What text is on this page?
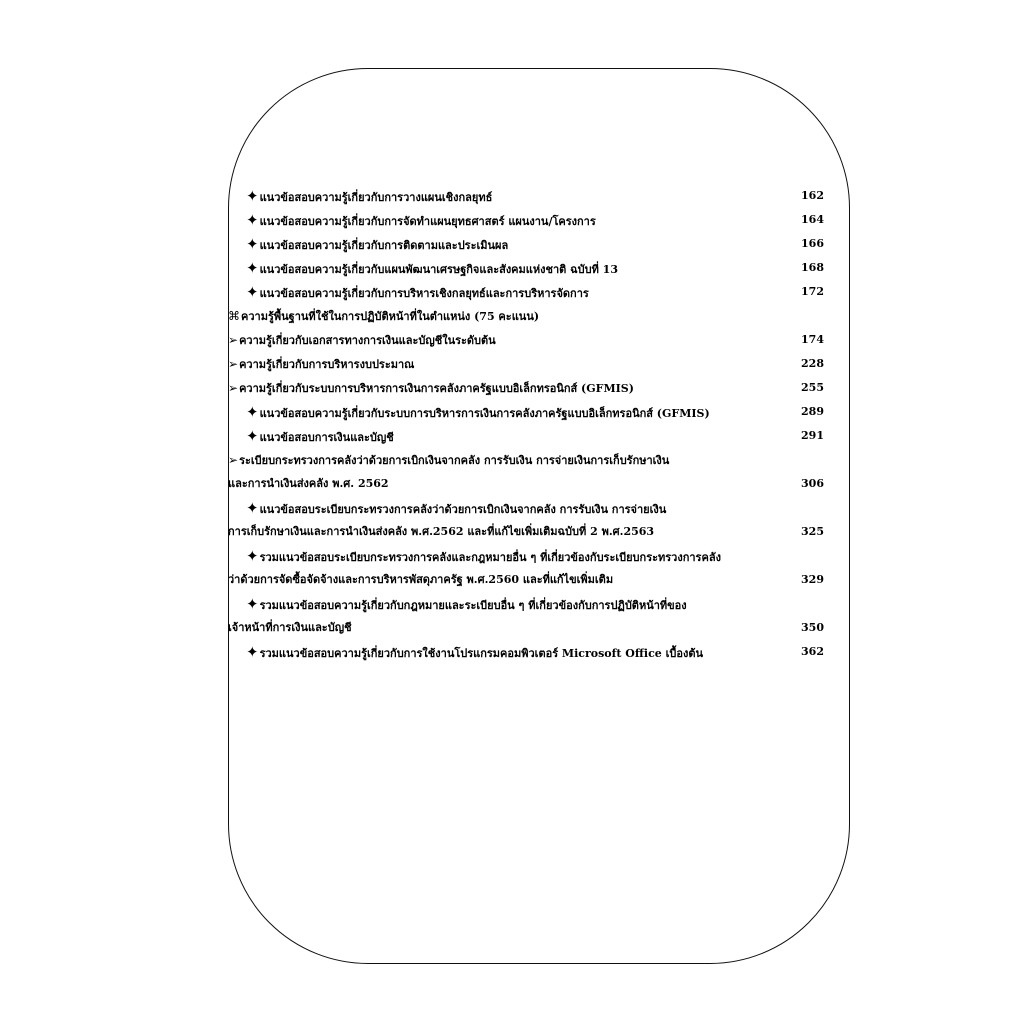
✦แนวข้อสอบความรู้เกี่ยวกับการวางแผนเชิงกลยุทธ์	162
✦แนวข้อสอบความรู้เกี่ยวกับการจัดทำแผนยุทธศาสตร์ แผนงาน/โครงการ	164
✦แนวข้อสอบความรู้เกี่ยวกับการติดตามและประเมินผล	166
✦แนวข้อสอบความรู้เกี่ยวกับแผนพัฒนาเศรษฐกิจและสังคมแห่งชาติ ฉบับที่ 13	168
✦แนวข้อสอบความรู้เกี่ยวกับการบริหารเชิงกลยุทธ์และการบริหารจัดการ	172
⌘ความรู้พื้นฐานที่ใช้ในการปฏิบัติหน้าที่ในตำแหน่ง (75 คะแนน)
➢ความรู้เกี่ยวกับเอกสารทางการเงินและบัญชีในระดับต้น	174
➢ความรู้เกี่ยวกับการบริหารงบประมาณ	228
➢ความรู้เกี่ยวกับระบบการบริหารการเงินการคลังภาครัฐแบบอิเล็กทรอนิกส์ (GFMIS)	255
✦แนวข้อสอบความรู้เกี่ยวกับระบบการบริหารการเงินการคลังภาครัฐแบบอิเล็กทรอนิกส์ (GFMIS)	289
✦แนวข้อสอบการเงินและบัญชี	291
➢ระเบียบกระทรวงการคลังว่าด้วยการเบิกเงินจากคลัง การรับเงิน การจ่ายเงินการเก็บรักษาเงิน
และการนำเงินส่งคลัง พ.ศ. 2562	306
✦แนวข้อสอบระเบียบกระทรวงการคลังว่าด้วยการเบิกเงินจากคลัง การรับเงิน การจ่ายเงิน
การเก็บรักษาเงินและการนำเงินส่งคลัง พ.ศ.2562 และที่แก้ไขเพิ่มเติมฉบับที่ 2 พ.ศ.2563	325
✦รวมแนวข้อสอบระเบียบกระทรวงการคลังและกฎหมายอื่น ๆ ที่เกี่ยวข้องกับระเบียบกระทรวงการคลัง
ว่าด้วยการจัดซื้อจัดจ้างและการบริหารพัสดุภาครัฐ พ.ศ.2560 และที่แก้ไขเพิ่มเติม	329
✦รวมแนวข้อสอบความรู้เกี่ยวกับกฎหมายและระเบียบอื่น ๆ ที่เกี่ยวข้องกับการปฏิบัติหน้าที่ของ
เจ้าหน้าที่การเงินและบัญชี	350
✦รวมแนวข้อสอบความรู้เกี่ยวกับการใช้งานโปรแกรมคอมพิวเตอร์ Microsoft Office เบื้องต้น	362
